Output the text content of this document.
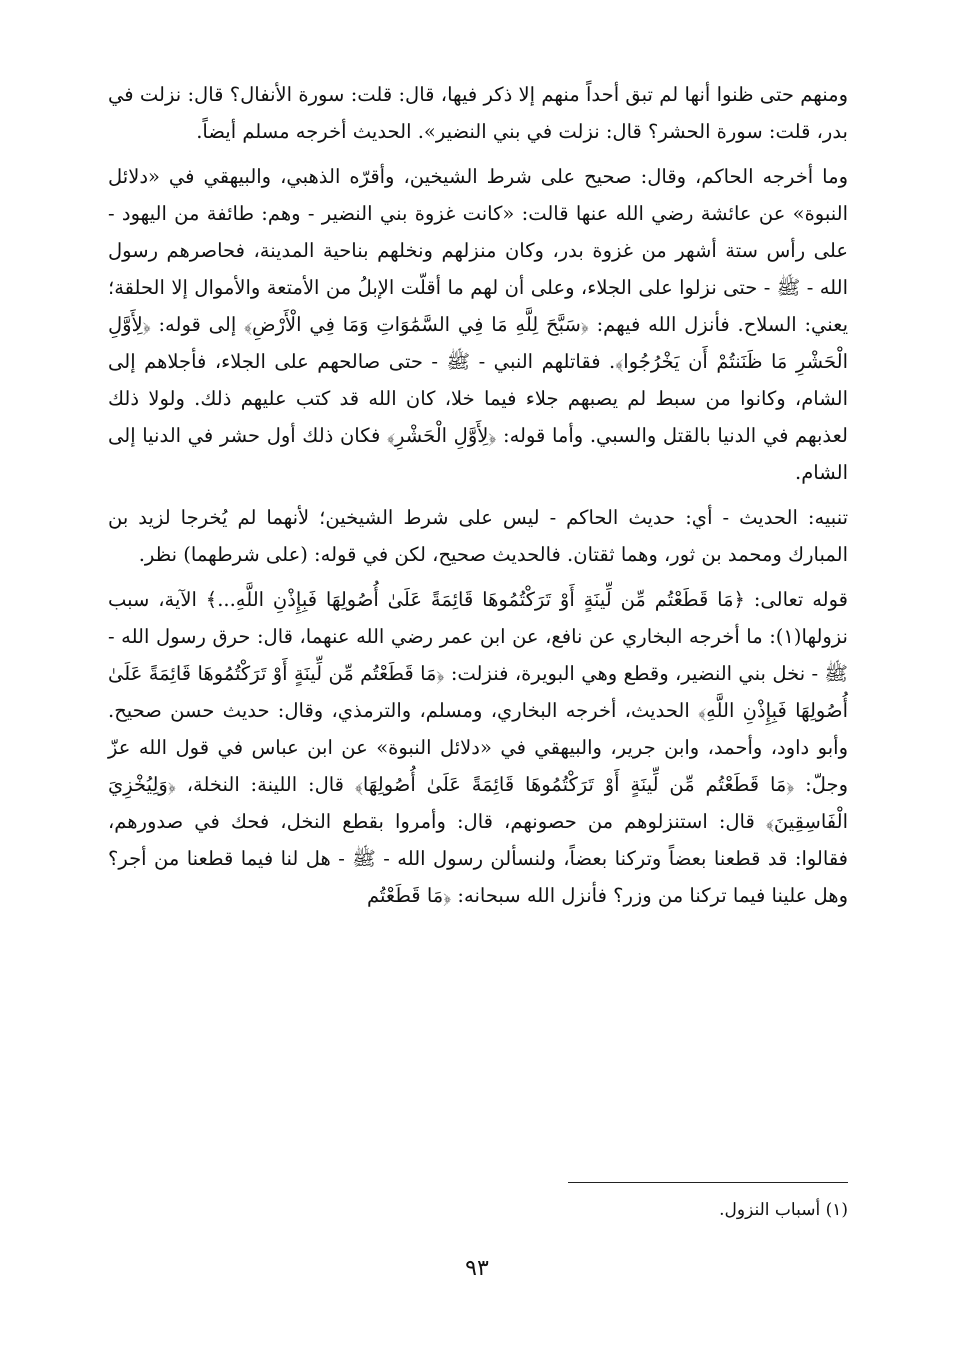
ومنهم حتى ظنوا أنها لم تبق أحداً منهم إلا ذكر فيها، قال: قلت: سورة الأنفال؟ قال: نزلت في بدر، قلت: سورة الحشر؟ قال: نزلت في بني النضير». الحديث أخرجه مسلم أيضاً.

وما أخرجه الحاكم، وقال: صحيح على شرط الشيخين، وأقرّه الذهبي، والبيهقي في «دلائل النبوة» عن عائشة رضي الله عنها قالت: «كانت غزوة بني النضير - وهم: طائفة من اليهود - على رأس ستة أشهر من غزوة بدر، وكان منزلهم ونخلهم بناحية المدينة، فحاصرهم رسول الله - ﷺ - حتى نزلوا على الجلاء، وعلى أن لهم ما أقلّت الإبلُ من الأمتعة والأموال إلا الحلقة؛ يعني: السلاح. فأنزل الله فيهم: ﴿سَبَّحَ لِلَّهِ مَا فِي السَّمَٰوَاتِ وَمَا فِي الْأَرْضِ﴾ إلى قوله: ﴿لِأَوَّلِ الْحَشْرِ مَا ظَنَنتُمْ أَن يَخْرُجُوا﴾. فقاتلهم النبي - ﷺ - حتى صالحهم على الجلاء، فأجلاهم إلى الشام، وكانوا من سبط لم يصبهم جلاء فيما خلا، كان الله قد كتب عليهم ذلك. ولولا ذلك لعذبهم في الدنيا بالقتل والسبي. وأما قوله: ﴿لِأَوَّلِ الْحَشْرِ﴾ فكان ذلك أول حشر في الدنيا إلى الشام.

تنبيه: الحديث - أي: حديث الحاكم - ليس على شرط الشيخين؛ لأنهما لم يُخرجا لزيد بن المبارك ومحمد بن ثور، وهما ثقتان. فالحديث صحيح، لكن في قوله: (على شرطهما) نظر.

قوله تعالى: ﴿مَا قَطَعْتُم مِّن لِّينَةٍ أَوْ تَرَكْتُمُوهَا قَائِمَةً عَلَىٰ أُصُولِهَا فَبِإِذْنِ اللَّهِ...﴾ الآية، سبب نزولها(١): ما أخرجه البخاري عن نافع، عن ابن عمر رضي الله عنهما، قال: حرق رسول الله - ﷺ - نخل بني النضير، وقطع وهي البويرة، فنزلت: ﴿مَا قَطَعْتُم مِّن لِّينَةٍ أَوْ تَرَكْتُمُوهَا قَائِمَةً عَلَىٰ أُصُولِهَا فَبِإِذْنِ اللَّهِ﴾ الحديث، أخرجه البخاري، ومسلم، والترمذي، وقال: حديث حسن صحيح. وأبو داود، وأحمد، وابن جرير، والبيهقي في «دلائل النبوة» عن ابن عباس في قول الله عزّ وجلّ: ﴿مَا قَطَعْتُم مِّن لِّينَةٍ أَوْ تَرَكْتُمُوهَا قَائِمَةً عَلَىٰ أُصُولِهَا﴾ قال: اللينة: النخلة، ﴿وَلِيُخْزِيَ الْفَاسِقِينَ﴾ قال: استنزلوهم من حصونهم، قال: وأمروا بقطع النخل، فحك في صدورهم، فقالوا: قد قطعنا بعضاً وتركنا بعضاً، ولنسألن رسول الله - ﷺ - هل لنا فيما قطعنا من أجر؟ وهل علينا فيما تركنا من وزر؟ فأنزل الله سبحانه: ﴿مَا قَطَعْتُم

(١) أسباب النزول.
٩٣
